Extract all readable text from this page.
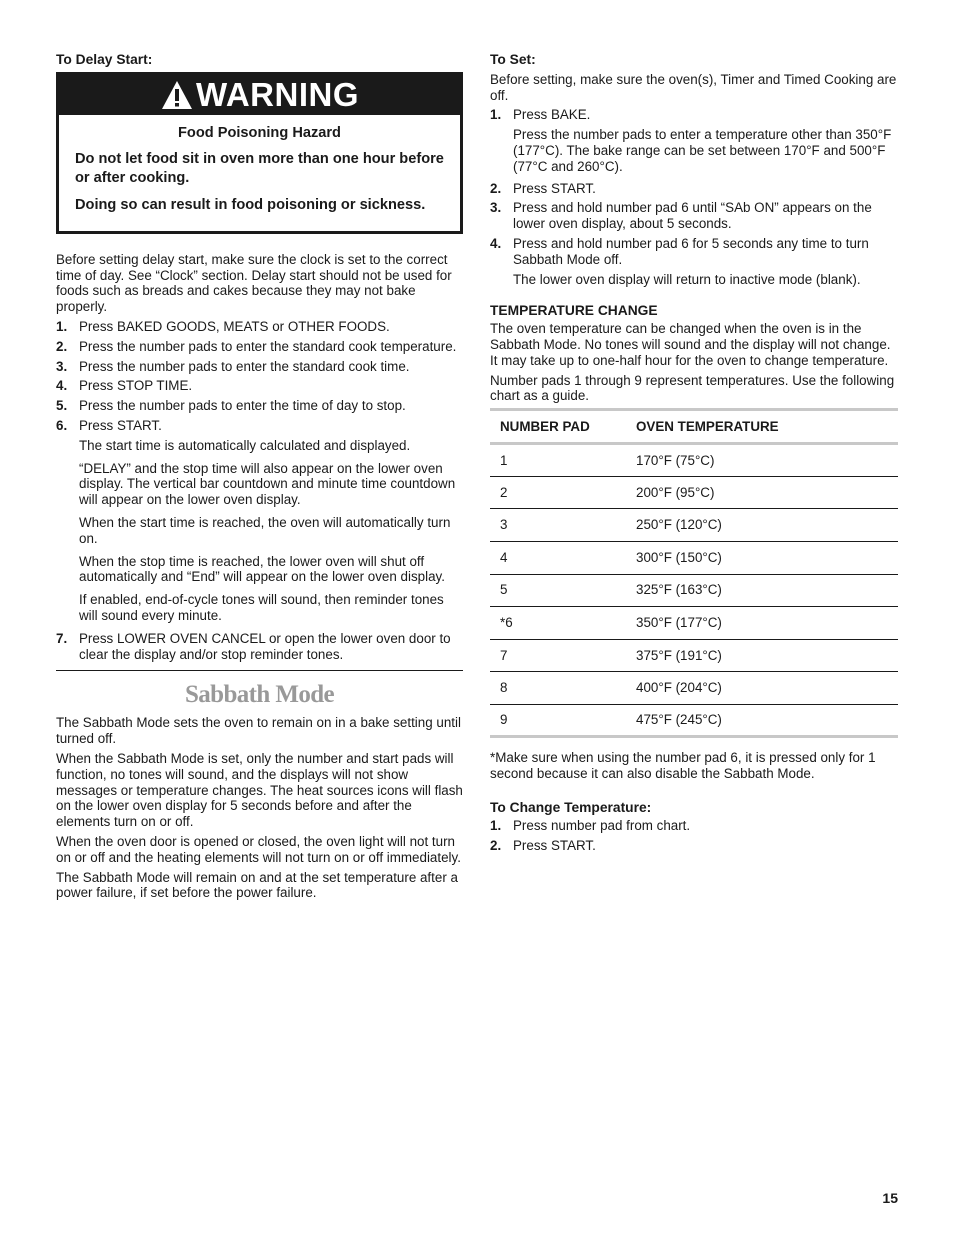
To Delay Start:
WARNING
Food Poisoning Hazard
Do not let food sit in oven more than one hour before or after cooking.
Doing so can result in food poisoning or sickness.

Before setting delay start, make sure the clock is set to the correct time of day. See “Clock” section. Delay start should not be used for foods such as breads and cakes because they may not bake properly.

1. Press BAKED GOODS, MEATS or OTHER FOODS.
2. Press the number pads to enter the standard cook temperature.
3. Press the number pads to enter the standard cook time.
4. Press STOP TIME.
5. Press the number pads to enter the time of day to stop.
6. Press START.
The start time is automatically calculated and displayed.
“DELAY” and the stop time will also appear on the lower oven display. The vertical bar countdown and minute time countdown will appear on the lower oven display.
When the start time is reached, the oven will automatically turn on.
When the stop time is reached, the lower oven will shut off automatically and “End” will appear on the lower oven display.
If enabled, end-of-cycle tones will sound, then reminder tones will sound every minute.
7. Press LOWER OVEN CANCEL or open the lower oven door to clear the display and/or stop reminder tones.
Sabbath Mode

The Sabbath Mode sets the oven to remain on in a bake setting until turned off.

When the Sabbath Mode is set, only the number and start pads will function, no tones will sound, and the displays will not show messages or temperature changes. The heat sources icons will flash on the lower oven display for 5 seconds before and after the elements turn on or off.

When the oven door is opened or closed, the oven light will not turn on or off and the heating elements will not turn on or off immediately.

The Sabbath Mode will remain on and at the set temperature after a power failure, if set before the power failure.

To Set:

Before setting, make sure the oven(s), Timer and Timed Cooking are off.

1. Press BAKE.
Press the number pads to enter a temperature other than 350°F (177°C). The bake range can be set between 170°F and 500°F (77°C and 260°C).
2. Press START.
3. Press and hold number pad 6 until “SAb ON” appears on the lower oven display, about 5 seconds.
4. Press and hold number pad 6 for 5 seconds any time to turn Sabbath Mode off.
The lower oven display will return to inactive mode (blank).
TEMPERATURE CHANGE

The oven temperature can be changed when the oven is in the Sabbath Mode. No tones will sound and the display will not change. It may take up to one-half hour for the oven to change temperature.

Number pads 1 through 9 represent temperatures. Use the following chart as a guide.

NUMBER PAD	OVEN TEMPERATURE
1	170°F (75°C)
2	200°F (95°C)
3	250°F (120°C)
4	300°F (150°C)
5	325°F (163°C)
*6	350°F (177°C)
7	375°F (191°C)
8	400°F (204°C)
9	475°F (245°C)

*Make sure when using the number pad 6, it is pressed only for 1 second because it can also disable the Sabbath Mode.

To Change Temperature:
1. Press number pad from chart.
2. Press START.
15
